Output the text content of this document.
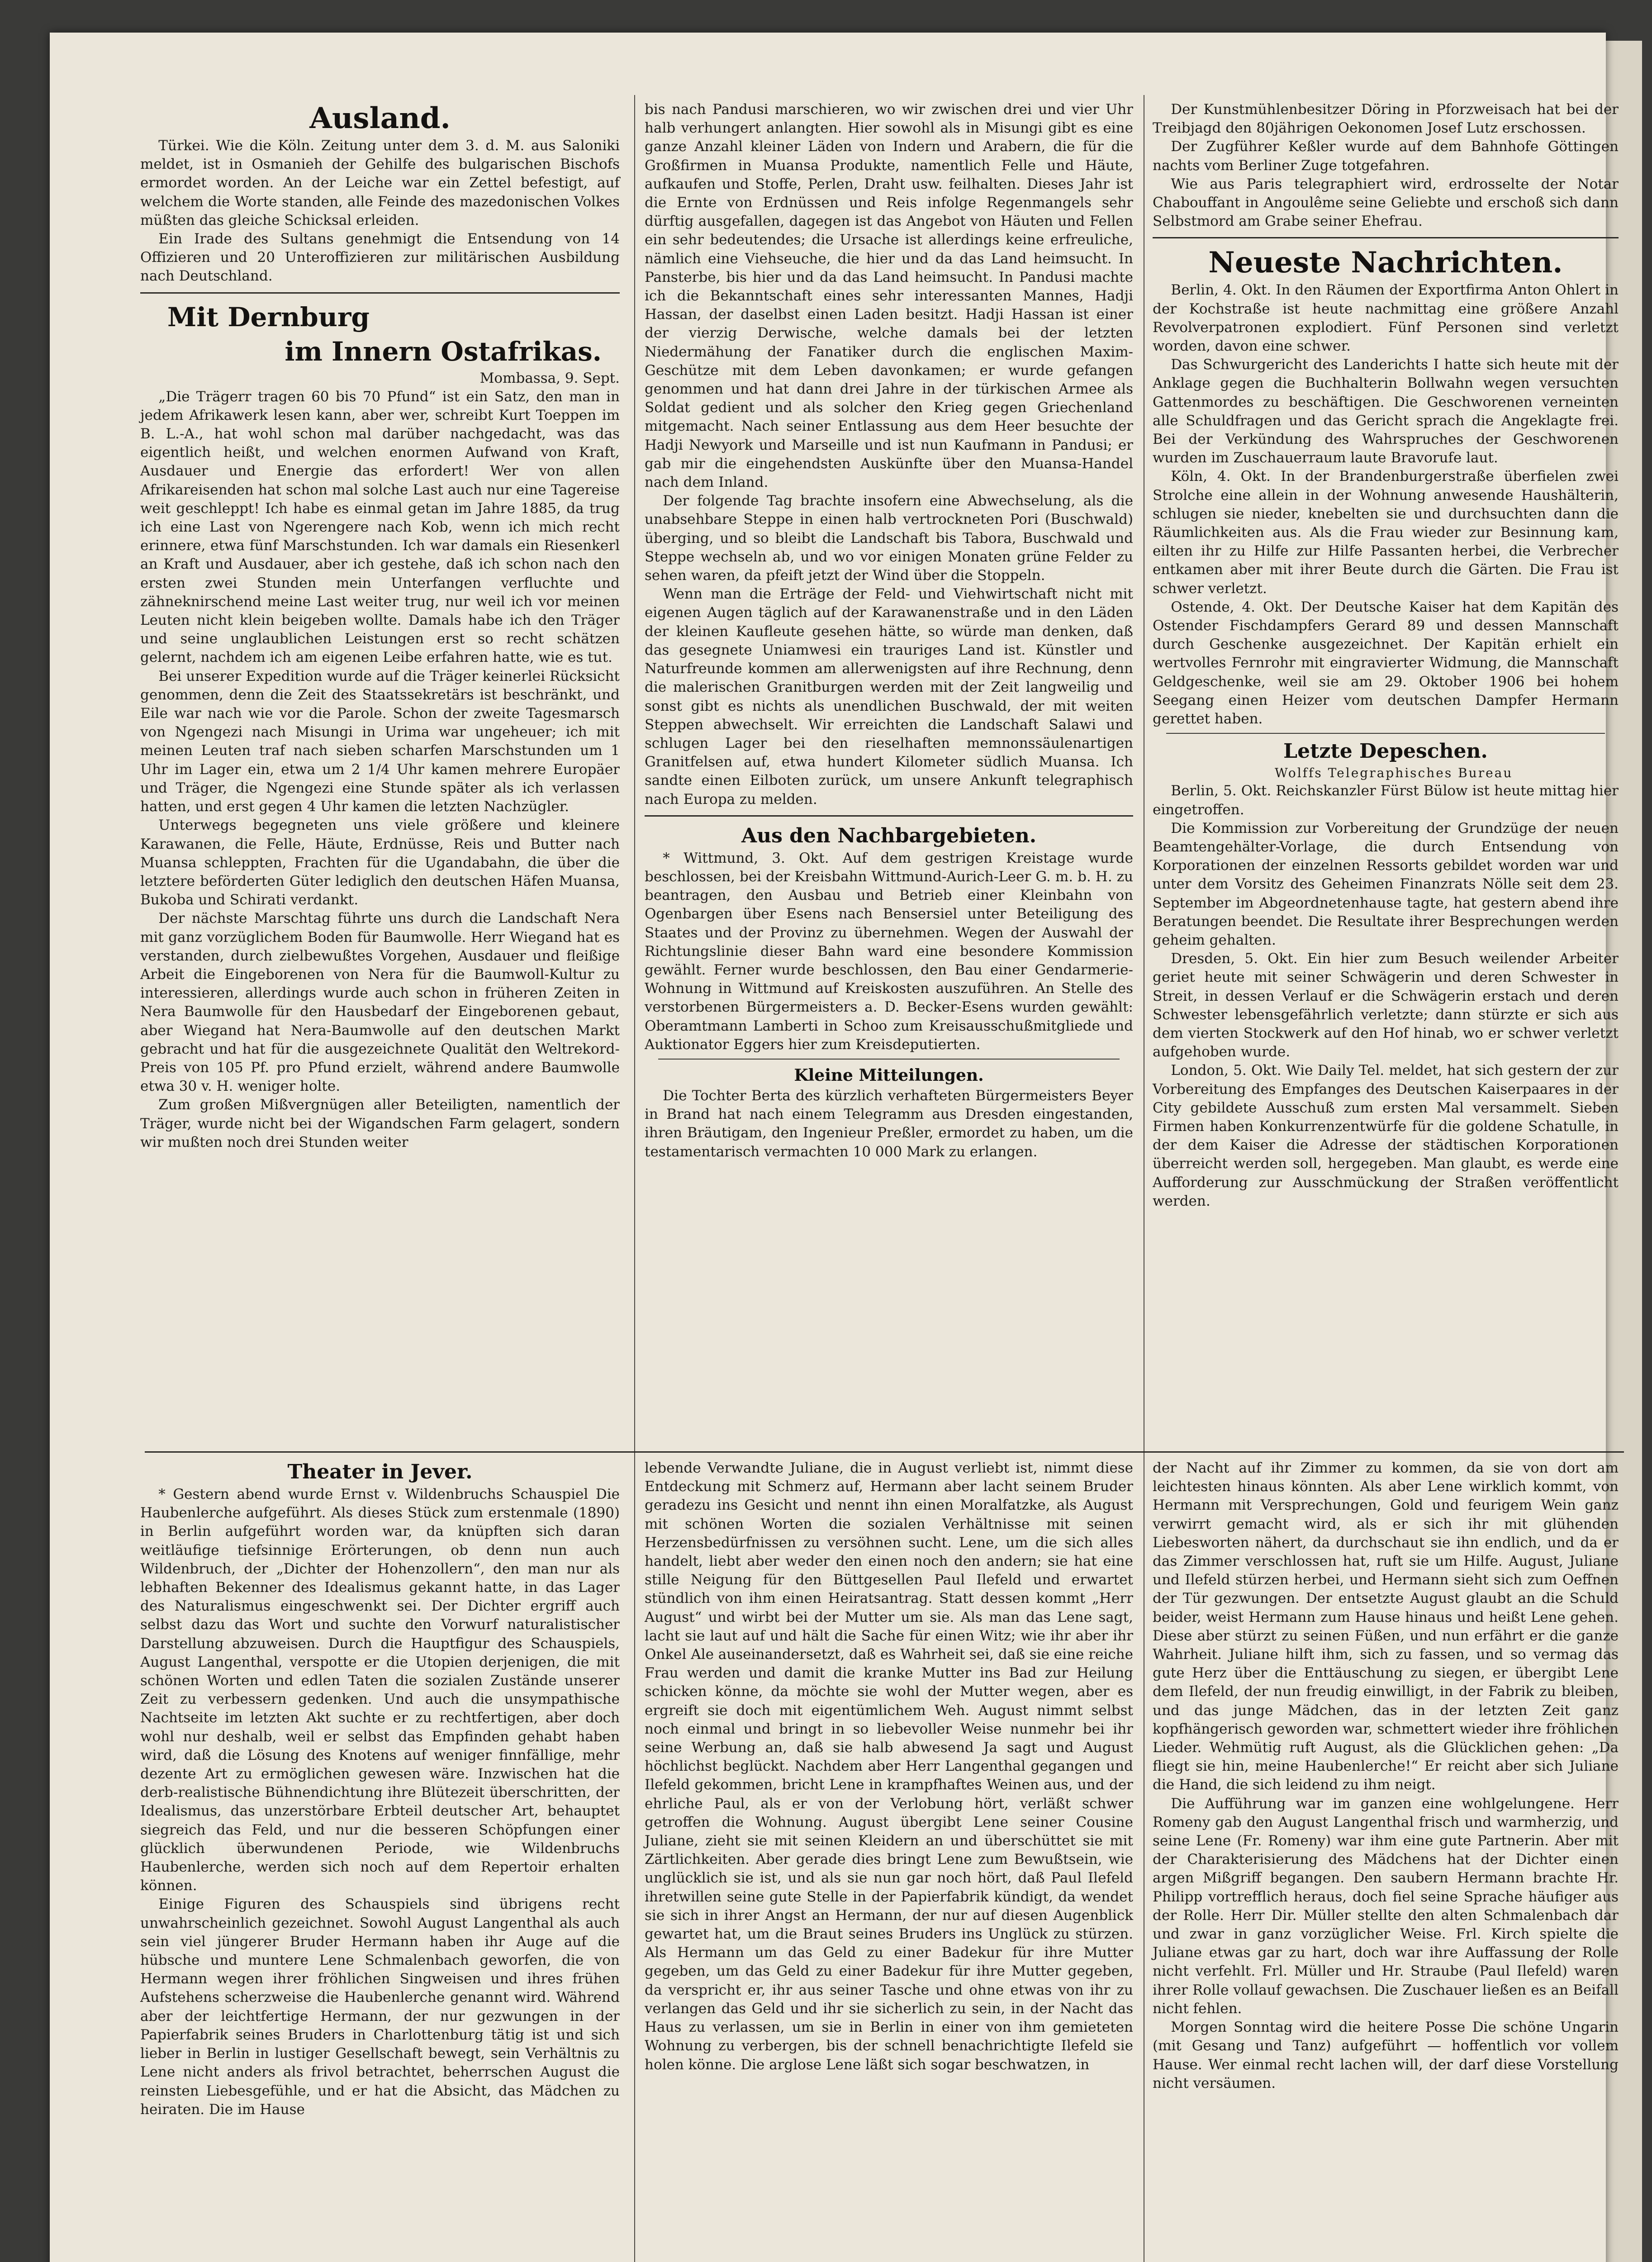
Ausland.

Türkei. Wie die Köln. Zeitung unter dem 3. d. M. aus Saloniki meldet, ist in Osmanieh der Gehilfe des bulgarischen Bischofs ermordet worden. An der Leiche war ein Zettel befestigt, auf welchem die Worte standen, alle Feinde des mazedonischen Volkes müßten das gleiche Schicksal erleiden.

Ein Irade des Sultans genehmigt die Entsendung von 14 Offizieren und 20 Unteroffizieren zur militärischen Ausbildung nach Deutschland.

Mit Dernburg
im Innern Ostafrikas.

Mombassa, 9. Sept.

„Die Trägerr tragen 60 bis 70 Pfund“ ist ein Satz, den man in jedem Afrikawerk lesen kann, aber wer, schreibt Kurt Toeppen im B. L.-A., hat wohl schon mal darüber nachgedacht, was das eigentlich heißt, und welchen enormen Aufwand von Kraft, Ausdauer und Energie das erfordert! Wer von allen Afrikareisenden hat schon mal solche Last auch nur eine Tagereise weit geschleppt! Ich habe es einmal getan im Jahre 1885, da trug ich eine Last von Ngerengere nach Kob, wenn ich mich recht erinnere, etwa fünf Marschstunden. Ich war damals ein Riesenkerl an Kraft und Ausdauer, aber ich gestehe, daß ich schon nach den ersten zwei Stunden mein Unterfangen verfluchte und zähneknirschend meine Last weiter trug, nur weil ich vor meinen Leuten nicht klein beigeben wollte. Damals habe ich den Träger und seine unglaublichen Leistungen erst so recht schätzen gelernt, nachdem ich am eigenen Leibe erfahren hatte, wie es tut.

Bei unserer Expedition wurde auf die Träger keinerlei Rücksicht genommen, denn die Zeit des Staatssekretärs ist beschränkt, und Eile war nach wie vor die Parole. Schon der zweite Tagesmarsch von Ngengezi nach Misungi in Urima war ungeheuer; ich mit meinen Leuten traf nach sieben scharfen Marschstunden um 1 Uhr im Lager ein, etwa um 2 1/4 Uhr kamen mehrere Europäer und Träger, die Ngengezi eine Stunde später als ich verlassen hatten, und erst gegen 4 Uhr kamen die letzten Nachzügler.

Unterwegs begegneten uns viele größere und kleinere Karawanen, die Felle, Häute, Erdnüsse, Reis und Butter nach Muansa schleppten, Frachten für die Ugandabahn, die über die letztere beförderten Güter lediglich den deutschen Häfen Muansa, Bukoba und Schirati verdankt.

Der nächste Marschtag führte uns durch die Landschaft Nera mit ganz vorzüglichem Boden für Baumwolle. Herr Wiegand hat es verstanden, durch zielbewußtes Vorgehen, Ausdauer und fleißige Arbeit die Eingeborenen von Nera für die Baumwoll-Kultur zu interessieren, allerdings wurde auch schon in früheren Zeiten in Nera Baumwolle für den Hausbedarf der Eingeborenen gebaut, aber Wiegand hat Nera-Baumwolle auf den deutschen Markt gebracht und hat für die ausgezeichnete Qualität den Weltrekord-Preis von 105 Pf. pro Pfund erzielt, während andere Baumwolle etwa 30 v. H. weniger holte.

Zum großen Mißvergnügen aller Beteiligten, namentlich der Träger, wurde nicht bei der Wigandschen Farm gelagert, sondern wir mußten noch drei Stunden weiter

Theater in Jever.

* Gestern abend wurde Ernst v. Wildenbruchs Schauspiel Die Haubenlerche aufgeführt. Als dieses Stück zum erstenmale (1890) in Berlin aufgeführt worden war, da knüpften sich daran weitläufige tiefsinnige Erörterungen, ob denn nun auch Wildenbruch, der „Dichter der Hohenzollern“, den man nur als lebhaften Bekenner des Idealismus gekannt hatte, in das Lager des Naturalismus eingeschwenkt sei. Der Dichter ergriff auch selbst dazu das Wort und suchte den Vorwurf naturalistischer Darstellung abzuweisen. Durch die Hauptfigur des Schauspiels, August Langenthal, verspotte er die Utopien derjenigen, die mit schönen Worten und edlen Taten die sozialen Zustände unserer Zeit zu verbessern gedenken. Und auch die unsympathische Nachtseite im letzten Akt suchte er zu rechtfertigen, aber doch wohl nur deshalb, weil er selbst das Empfinden gehabt haben wird, daß die Lösung des Knotens auf weniger finnfällige, mehr dezente Art zu ermöglichen gewesen wäre. Inzwischen hat die derb-realistische Bühnendichtung ihre Blütezeit überschritten, der Idealismus, das unzerstörbare Erbteil deutscher Art, behauptet siegreich das Feld, und nur die besseren Schöpfungen einer glücklich überwundenen Periode, wie Wildenbruchs Haubenlerche, werden sich noch auf dem Repertoir erhalten können.

Einige Figuren des Schauspiels sind übrigens recht unwahrscheinlich gezeichnet. Sowohl August Langenthal als auch sein viel jüngerer Bruder Hermann haben ihr Auge auf die hübsche und muntere Lene Schmalenbach geworfen, die von Hermann wegen ihrer fröhlichen Singweisen und ihres frühen Aufstehens scherzweise die Haubenlerche genannt wird. Während aber der leichtfertige Hermann, der nur gezwungen in der Papierfabrik seines Bruders in Charlottenburg tätig ist und sich lieber in Berlin in lustiger Gesellschaft bewegt, sein Verhältnis zu Lene nicht anders als frivol betrachtet, beherrschen August die reinsten Liebesgefühle, und er hat die Absicht, das Mädchen zu heiraten. Die im Hause

bis nach Pandusi marschieren, wo wir zwischen drei und vier Uhr halb verhungert anlangten. Hier sowohl als in Misungi gibt es eine ganze Anzahl kleiner Läden von Indern und Arabern, die für die Großfirmen in Muansa Produkte, namentlich Felle und Häute, aufkaufen und Stoffe, Perlen, Draht usw. feilhalten. Dieses Jahr ist die Ernte von Erdnüssen und Reis infolge Regenmangels sehr dürftig ausgefallen, dagegen ist das Angebot von Häuten und Fellen ein sehr bedeutendes; die Ursache ist allerdings keine erfreuliche, nämlich eine Viehseuche, die hier und da das Land heimsucht. In Pansterbe, bis hier und da das Land heimsucht. In Pandusi machte ich die Bekanntschaft eines sehr interessanten Mannes, Hadji Hassan, der daselbst einen Laden besitzt. Hadji Hassan ist einer der vierzig Derwische, welche damals bei der letzten Niedermähung der Fanatiker durch die englischen Maxim-Geschütze mit dem Leben davonkamen; er wurde gefangen genommen und hat dann drei Jahre in der türkischen Armee als Soldat gedient und als solcher den Krieg gegen Griechenland mitgemacht. Nach seiner Entlassung aus dem Heer besuchte der Hadji Newyork und Marseille und ist nun Kaufmann in Pandusi; er gab mir die eingehendsten Auskünfte über den Muansa-Handel nach dem Inland.

Der folgende Tag brachte insofern eine Abwechselung, als die unabsehbare Steppe in einen halb vertrockneten Pori (Buschwald) überging, und so bleibt die Landschaft bis Tabora, Buschwald und Steppe wechseln ab, und wo vor einigen Monaten grüne Felder zu sehen waren, da pfeift jetzt der Wind über die Stoppeln.

Wenn man die Erträge der Feld- und Viehwirtschaft nicht mit eigenen Augen täglich auf der Karawanenstraße und in den Läden der kleinen Kaufleute gesehen hätte, so würde man denken, daß das gesegnete Uniamwesi ein trauriges Land ist. Künstler und Naturfreunde kommen am allerwenigsten auf ihre Rechnung, denn die malerischen Granitburgen werden mit der Zeit langweilig und sonst gibt es nichts als unendlichen Buschwald, der mit weiten Steppen abwechselt. Wir erreichten die Landschaft Salawi und schlugen Lager bei den rieselhaften memnonssäulenartigen Granitfelsen auf, etwa hundert Kilometer südlich Muansa. Ich sandte einen Eilboten zurück, um unsere Ankunft telegraphisch nach Europa zu melden.

Aus den Nachbargebieten.

* Wittmund, 3. Okt. Auf dem gestrigen Kreistage wurde beschlossen, bei der Kreisbahn Wittmund-Aurich-Leer G. m. b. H. zu beantragen, den Ausbau und Betrieb einer Kleinbahn von Ogenbargen über Esens nach Bensersiel unter Beteiligung des Staates und der Provinz zu übernehmen. Wegen der Auswahl der Richtungslinie dieser Bahn ward eine besondere Kommission gewählt. Ferner wurde beschlossen, den Bau einer Gendarmerie-Wohnung in Wittmund auf Kreiskosten auszuführen. An Stelle des verstorbenen Bürgermeisters a. D. Becker-Esens wurden gewählt: Oberamtmann Lamberti in Schoo zum Kreisausschußmitgliede und Auktionator Eggers hier zum Kreisdeputierten.

Kleine Mitteilungen.

Die Tochter Berta des kürzlich verhafteten Bürgermeisters Beyer in Brand hat nach einem Telegramm aus Dresden eingestanden, ihren Bräutigam, den Ingenieur Preßler, ermordet zu haben, um die testamentarisch vermachten 10 000 Mark zu erlangen.

lebende Verwandte Juliane, die in August verliebt ist, nimmt diese Entdeckung mit Schmerz auf, Hermann aber lacht seinem Bruder geradezu ins Gesicht und nennt ihn einen Moralfatzke, als August mit schönen Worten die sozialen Verhältnisse mit seinen Herzensbedürfnissen zu versöhnen sucht. Lene, um die sich alles handelt, liebt aber weder den einen noch den andern; sie hat eine stille Neigung für den Büttgesellen Paul Ilefeld und erwartet stündlich von ihm einen Heiratsantrag. Statt dessen kommt „Herr August“ und wirbt bei der Mutter um sie. Als man das Lene sagt, lacht sie laut auf und hält die Sache für einen Witz; wie ihr aber ihr Onkel Ale auseinandersetzt, daß es Wahrheit sei, daß sie eine reiche Frau werden und damit die kranke Mutter ins Bad zur Heilung schicken könne, da möchte sie wohl der Mutter wegen, aber es ergreift sie doch mit eigentümlichem Weh. August nimmt selbst noch einmal und bringt in so liebevoller Weise nunmehr bei ihr seine Werbung an, daß sie halb abwesend Ja sagt und August höchlichst beglückt. Nachdem aber Herr Langenthal gegangen und Ilefeld gekommen, bricht Lene in krampfhaftes Weinen aus, und der ehrliche Paul, als er von der Verlobung hört, verläßt schwer getroffen die Wohnung. August übergibt Lene seiner Cousine Juliane, zieht sie mit seinen Kleidern an und überschüttet sie mit Zärtlichkeiten. Aber gerade dies bringt Lene zum Bewußtsein, wie unglücklich sie ist, und als sie nun gar noch hört, daß Paul Ilefeld ihretwillen seine gute Stelle in der Papierfabrik kündigt, da wendet sie sich in ihrer Angst an Hermann, der nur auf diesen Augenblick gewartet hat, um die Braut seines Bruders ins Unglück zu stürzen. Als Hermann um das Geld zu einer Badekur für ihre Mutter gegeben, um das Geld zu einer Badekur für ihre Mutter gegeben, da verspricht er, ihr aus seiner Tasche und ohne etwas von ihr zu verlangen das Geld und ihr sie sicherlich zu sein, in der Nacht das Haus zu verlassen, um sie in Berlin in einer von ihm gemieteten Wohnung zu verbergen, bis der schnell benachrichtigte Ilefeld sie holen könne. Die arglose Lene läßt sich sogar beschwatzen, in

Der Kunstmühlenbesitzer Döring in Pforzweisach hat bei der Treibjagd den 80jährigen Oekonomen Josef Lutz erschossen.

Der Zugführer Keßler wurde auf dem Bahnhofe Göttingen nachts vom Berliner Zuge totgefahren.

Wie aus Paris telegraphiert wird, erdrosselte der Notar Chabouffant in Angoulême seine Geliebte und erschoß sich dann Selbstmord am Grabe seiner Ehefrau.

Neueste Nachrichten.

Berlin, 4. Okt. In den Räumen der Exportfirma Anton Ohlert in der Kochstraße ist heute nachmittag eine größere Anzahl Revolverpatronen explodiert. Fünf Personen sind verletzt worden, davon eine schwer.

Das Schwurgericht des Landerichts I hatte sich heute mit der Anklage gegen die Buchhalterin Bollwahn wegen versuchten Gattenmordes zu beschäftigen. Die Geschworenen verneinten alle Schuldfragen und das Gericht sprach die Angeklagte frei. Bei der Verkündung des Wahrspruches der Geschworenen wurden im Zuschauerraum laute Bravorufe laut.

Köln, 4. Okt. In der Brandenburgerstraße überfielen zwei Strolche eine allein in der Wohnung anwesende Haushälterin, schlugen sie nieder, knebelten sie und durchsuchten dann die Räumlichkeiten aus. Als die Frau wieder zur Besinnung kam, eilten ihr zu Hilfe zur Hilfe Passanten herbei, die Verbrecher entkamen aber mit ihrer Beute durch die Gärten. Die Frau ist schwer verletzt.

Ostende, 4. Okt. Der Deutsche Kaiser hat dem Kapitän des Ostender Fischdampfers Gerard 89 und dessen Mannschaft durch Geschenke ausgezeichnet. Der Kapitän erhielt ein wertvolles Fernrohr mit eingravierter Widmung, die Mannschaft Geldgeschenke, weil sie am 29. Oktober 1906 bei hohem Seegang einen Heizer vom deutschen Dampfer Hermann gerettet haben.

Letzte Depeschen.

Wolffs Telegraphisches Bureau

Berlin, 5. Okt. Reichskanzler Fürst Bülow ist heute mittag hier eingetroffen.

Die Kommission zur Vorbereitung der Grundzüge der neuen Beamtengehälter-Vorlage, die durch Entsendung von Korporationen der einzelnen Ressorts gebildet worden war und unter dem Vorsitz des Geheimen Finanzrats Nölle seit dem 23. September im Abgeordnetenhause tagte, hat gestern abend ihre Beratungen beendet. Die Resultate ihrer Besprechungen werden geheim gehalten.

Dresden, 5. Okt. Ein hier zum Besuch weilender Arbeiter geriet heute mit seiner Schwägerin und deren Schwester in Streit, in dessen Verlauf er die Schwägerin erstach und deren Schwester lebensgefährlich verletzte; dann stürzte er sich aus dem vierten Stockwerk auf den Hof hinab, wo er schwer verletzt aufgehoben wurde.

London, 5. Okt. Wie Daily Tel. meldet, hat sich gestern der zur Vorbereitung des Empfanges des Deutschen Kaiserpaares in der City gebildete Ausschuß zum ersten Mal versammelt. Sieben Firmen haben Konkurrenzentwürfe für die goldene Schatulle, in der dem Kaiser die Adresse der städtischen Korporationen überreicht werden soll, hergegeben. Man glaubt, es werde eine Aufforderung zur Ausschmückung der Straßen veröffentlicht werden.

der Nacht auf ihr Zimmer zu kommen, da sie von dort am leichtesten hinaus könnten. Als aber Lene wirklich kommt, von Hermann mit Versprechungen, Gold und feurigem Wein ganz verwirrt gemacht wird, als er sich ihr mit glühenden Liebesworten nähert, da durchschaut sie ihn endlich, und da er das Zimmer verschlossen hat, ruft sie um Hilfe. August, Juliane und Ilefeld stürzen herbei, und Hermann sieht sich zum Oeffnen der Tür gezwungen. Der entsetzte August glaubt an die Schuld beider, weist Hermann zum Hause hinaus und heißt Lene gehen. Diese aber stürzt zu seinen Füßen, und nun erfährt er die ganze Wahrheit. Juliane hilft ihm, sich zu fassen, und so vermag das gute Herz über die Enttäuschung zu siegen, er übergibt Lene dem Ilefeld, der nun freudig einwilligt, in der Fabrik zu bleiben, und das junge Mädchen, das in der letzten Zeit ganz kopfhängerisch geworden war, schmettert wieder ihre fröhlichen Lieder. Wehmütig ruft August, als die Glücklichen gehen: „Da fliegt sie hin, meine Haubenlerche!“ Er reicht aber sich Juliane die Hand, die sich leidend zu ihm neigt.

Die Aufführung war im ganzen eine wohlgelungene. Herr Romeny gab den August Langenthal frisch und warmherzig, und seine Lene (Fr. Romeny) war ihm eine gute Partnerin. Aber mit der Charakterisierung des Mädchens hat der Dichter einen argen Mißgriff begangen. Den saubern Hermann brachte Hr. Philipp vortrefflich heraus, doch fiel seine Sprache häufiger aus der Rolle. Herr Dir. Müller stellte den alten Schmalenbach dar und zwar in ganz vorzüglicher Weise. Frl. Kirch spielte die Juliane etwas gar zu hart, doch war ihre Auffassung der Rolle nicht verfehlt. Frl. Müller und Hr. Straube (Paul Ilefeld) waren ihrer Rolle vollauf gewachsen. Die Zuschauer ließen es an Beifall nicht fehlen.

Morgen Sonntag wird die heitere Posse Die schöne Ungarin (mit Gesang und Tanz) aufgeführt — hoffentlich vor vollem Hause. Wer einmal recht lachen will, der darf diese Vorstellung nicht versäumen.
